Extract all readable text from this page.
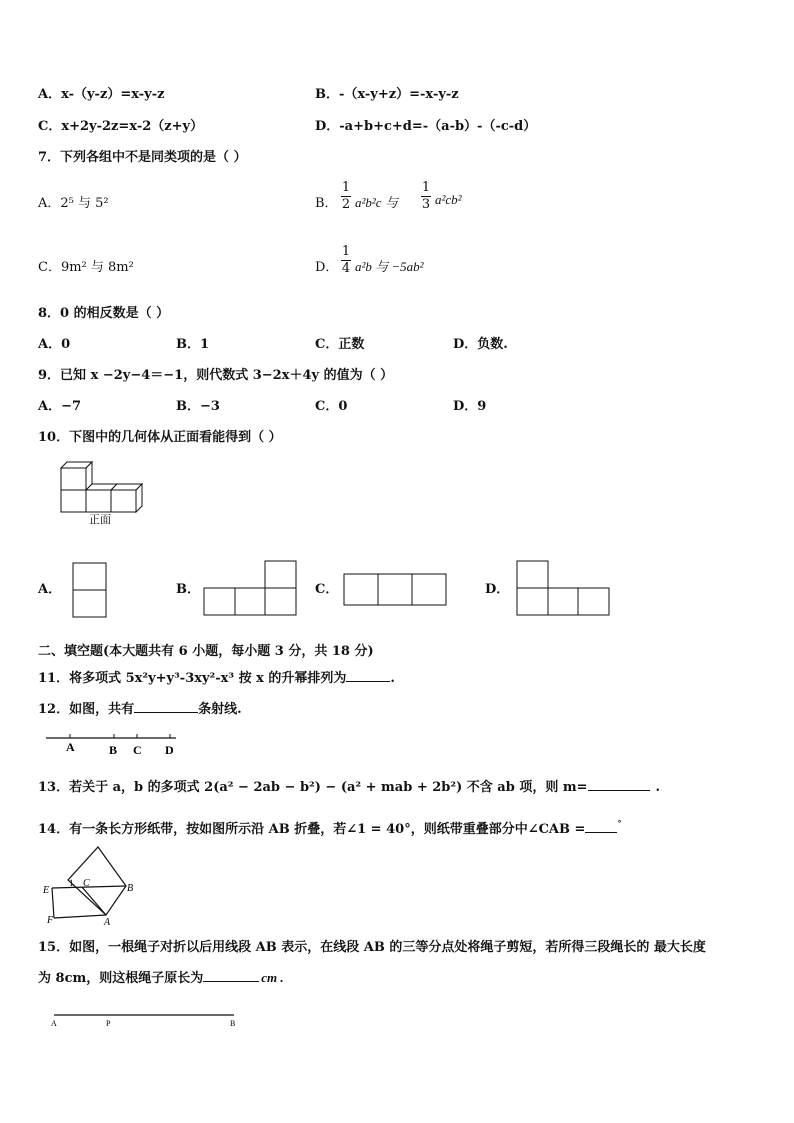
A．x-（y-z）=x-y-z	B．-（x-y+z）=-x-y-z
C．x+2y-2z=x-2（z+y）	D．-a+b+c+d=-（a-b）-（-c-d）
7．下列各组中不是同类项的是（ ）
A．2⁵ 与 5²	B．
1
2 a²b²c 与
1
3 a²cb²
C．9m² 与 8m²	D．
1
4 a²b 与 −5ab²
8．0 的相反数是（ ）
A．0	B．1	C．正数	D．负数.
9．已知 x −2y−4＝−1，则代数式 3−2x＋4y 的值为（ ）
A．−7	B．−3	C．0	D．9
10．下图中的几何体从正面看能得到（ ）
正面
A．	B．	C．	D．
二、填空题(本大题共有 6 小题，每小题 3 分，共 18 分)
11．将多项式 5x²y+y³-3xy²-x³ 按 x 的升幂排列为	.
12．如图，共有	条射线.
A	B C D
13．若关于 a，b 的多项式 2(a² − 2ab − b²) − (a² + mab + 2b²) 不含 ab 项，则 m=	.
14．有一条长方形纸带，按如图所示沿 AB 折叠，若∠1 = 40°，则纸带重叠部分中∠CAB =	°
E
1 C	B
F	A
15．如图，一根绳子对折以后用线段 AB 表示，在线段 AB 的三等分点处将绳子剪短，若所得三段绳长的 最大长度
为 8cm，则这根绳子原长为	cm .
A	P	B
